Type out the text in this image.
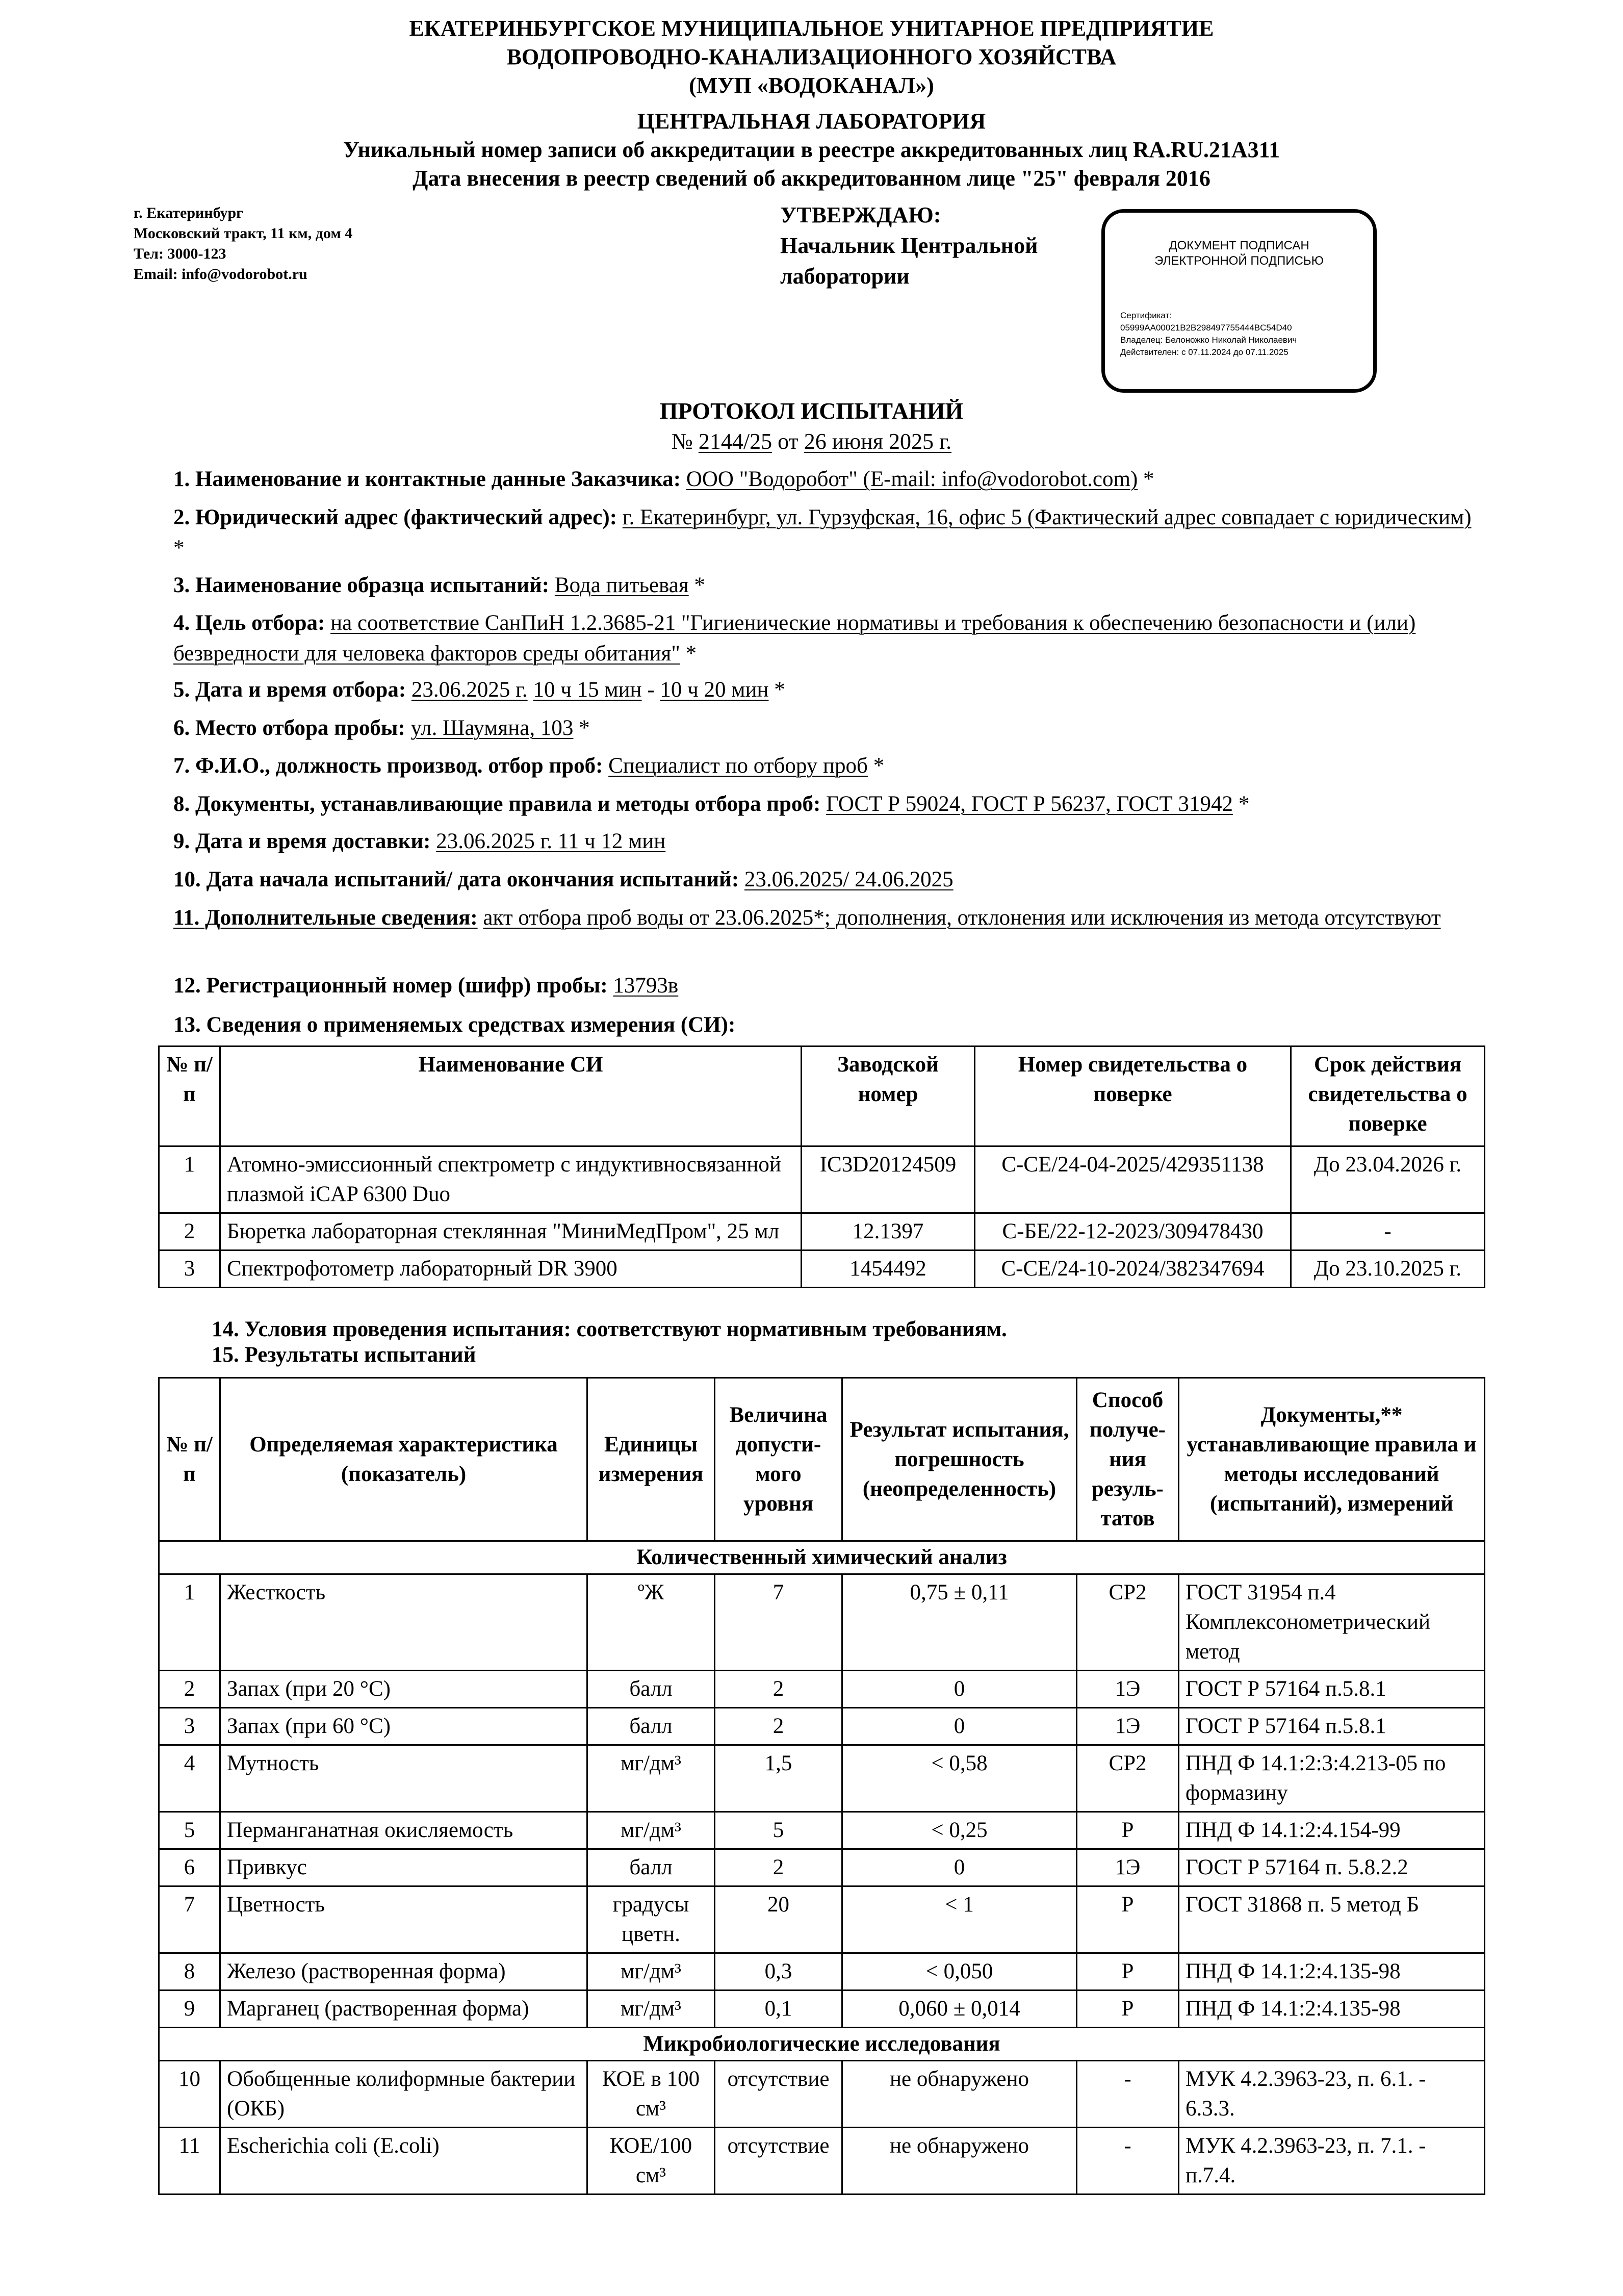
ЕКАТЕРИНБУРГСКОЕ МУНИЦИПАЛЬНОЕ УНИТАРНОЕ ПРЕДПРИЯТИЕ
ВОДОПРОВОДНО-КАНАЛИЗАЦИОННОГО ХОЗЯЙСТВА
(МУП «ВОДОКАНАЛ»)
ЦЕНТРАЛЬНАЯ ЛАБОРАТОРИЯ
Уникальный номер записи об аккредитации в реестре аккредитованных лиц RA.RU.21А311
Дата внесения в реестр сведений об аккредитованном лице "25" февраля 2016
г. Екатеринбург
Московский тракт, 11 км, дом 4
Тел: 3000-123
Email: info@vodorobot.ru
УТВЕРЖДАЮ:
Начальник Центральной
лаборатории
ДОКУМЕНТ ПОДПИСАН
ЭЛЕКТРОННОЙ ПОДПИСЬЮ
Сертификат:
05999AA00021B2B298497755444BC54D40
Владелец: Белоножко Николай Николаевич
Действителен: с 07.11.2024 до 07.11.2025
ПРОТОКОЛ ИСПЫТАНИЙ
№ 2144/25 от 26 июня 2025 г.
1. Наименование и контактные данные Заказчика: ООО "Водоробот" (E-mail: info@vodorobot.com) *
2. Юридический адрес (фактический адрес): г. Екатеринбург, ул. Гурзуфская, 16, офис 5 (Фактический адрес совпадает с юридическим) *
3. Наименование образца испытаний: Вода питьевая *
4. Цель отбора: на соответствие СанПиН 1.2.3685-21 "Гигиенические нормативы и требования к обеспечению безопасности и (или) безвредности для человека факторов среды обитания" *
5. Дата и время отбора: 23.06.2025 г. 10 ч 15 мин - 10 ч 20 мин *
6. Место отбора пробы: ул. Шаумяна, 103 *
7. Ф.И.О., должность производ. отбор проб: Специалист по отбору проб *
8. Документы, устанавливающие правила и методы отбора проб: ГОСТ Р 59024, ГОСТ Р 56237, ГОСТ 31942 *
9. Дата и время доставки: 23.06.2025 г. 11 ч 12 мин
10. Дата начала испытаний/ дата окончания испытаний: 23.06.2025/ 24.06.2025
11. Дополнительные сведения: акт отбора проб воды от 23.06.2025*; дополнения, отклонения или исключения из метода отсутствуют
12. Регистрационный номер (шифр) пробы: 13793в
13. Сведения о применяемых средствах измерения (СИ):
№ п/п	Наименование СИ	Заводской номер	Номер свидетельства о поверке	Срок действия свидетельства о поверке
1	Атомно-эмиссионный спектрометр с индуктивносвязанной плазмой iCAP 6300 Duo	IC3D20124509	С-СЕ/24-04-2025/429351138	До 23.04.2026 г.
2	Бюретка лабораторная стеклянная "МиниМедПром", 25 мл	12.1397	С-БЕ/22-12-2023/309478430	-
3	Спектрофотометр лабораторный DR 3900	1454492	С-СЕ/24-10-2024/382347694	До 23.10.2025 г.
14. Условия проведения испытания: соответствуют нормативным требованиям.
15. Результаты испытаний
№ п/п	Определяемая характеристика (показатель)	Единицы измерения	Величина допусти-мого уровня	Результат испытания, погрешность (неопределенность)	Способ получе-ния резуль-татов	Документы,** устанавливающие правила и методы исследований (испытаний), измерений
Количественный химический анализ						
1	Жесткость	ºЖ	7	0,75 ± 0,11	СР2	ГОСТ 31954 п.4 Комплексонометрический метод
2	Запах (при 20 °С)	балл	2	0	1Э	ГОСТ Р 57164 п.5.8.1
3	Запах (при 60 °С)	балл	2	0	1Э	ГОСТ Р 57164 п.5.8.1
4	Мутность	мг/дм³	1,5	< 0,58	СР2	ПНД Ф 14.1:2:3:4.213-05 по формазину
5	Перманганатная окисляемость	мг/дм³	5	< 0,25	Р	ПНД Ф 14.1:2:4.154-99
6	Привкус	балл	2	0	1Э	ГОСТ Р 57164 п. 5.8.2.2
7	Цветность	градусы цветн.	20	< 1	Р	ГОСТ 31868 п. 5 метод Б
8	Железо (растворенная форма)	мг/дм³	0,3	< 0,050	Р	ПНД Ф 14.1:2:4.135-98
9	Марганец (растворенная форма)	мг/дм³	0,1	0,060 ± 0,014	Р	ПНД Ф 14.1:2:4.135-98
Микробиологические исследования						
10	Обобщенные колиформные бактерии (ОКБ)	КОЕ в 100 см³	отсутствие	не обнаружено	-	МУК 4.2.3963-23, п. 6.1. - 6.3.3.
11	Escherichia coli (E.coli)	КОЕ/100 см³	отсутствие	не обнаружено	-	МУК 4.2.3963-23, п. 7.1. - п.7.4.
